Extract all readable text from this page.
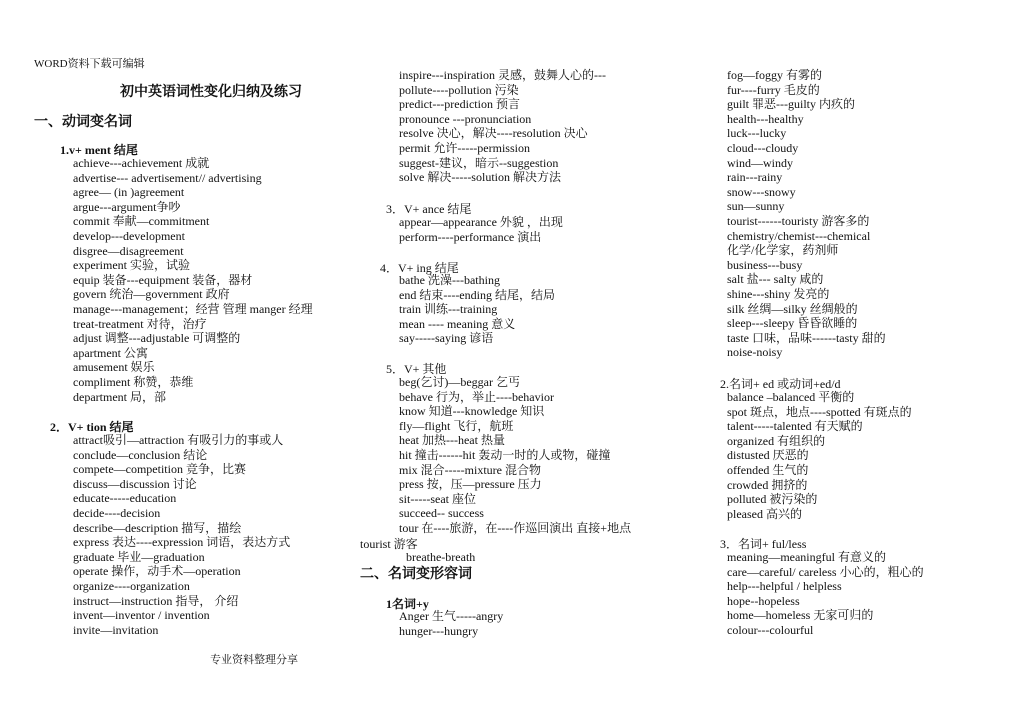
WORD资料下载可编辑
初中英语词性变化归纳及练习
专业资料整理分享
一、动词变名词
1.v+ ment 结尾
achieve---achievement 成就
advertise--- advertisement// advertising
agree— (in )agreement
argue---argument争吵
commit 奉献—commitment
develop---development
disgree—disagreement
experiment 实验，试验
equip 装备---equipment 装备，器材
govern 统治—government 政府
manage---management；经营 管理 manger 经理
treat-treatment 对待，治疗
adjust 调整---adjustable 可调整的
apartment 公寓
amusement 娱乐
compliment 称赞，恭维
department 局，部
2．V+ tion 结尾
attract吸引—attraction 有吸引力的事或人
conclude—conclusion 结论
compete—competition 竞争，比赛
discuss—discussion 讨论
educate-----education
decide----decision
describe—description 描写，描绘
express 表达----expression 词语，表达方式
graduate 毕业—graduation
operate 操作，动手术—operation
organize----organization
instruct—instruction 指导， 介绍
invent—inventor / invention
invite—invitation
inspire---inspiration 灵感，鼓舞人心的---
pollute----pollution 污染
predict---prediction 预言
pronounce ---pronunciation
resolve 决心，解决----resolution 决心
permit 允许-----permission
suggest-建议，暗示--suggestion
solve 解决-----solution 解决方法
3．V+ ance 结尾
appear—appearance 外貌 ，出现
perform----performance 演出
4．V+ ing 结尾
bathe 洗澡---bathing
end 结束----ending 结尾，结局
train 训练---training
mean ---- meaning 意义
say-----saying 谚语
5．V+ 其他
beg(乞讨)—beggar 乞丐
behave 行为，举止----behavior
know 知道---knowledge 知识
fly—flight 飞行，航班
heat 加热---heat 热量
hit 撞击------hit 轰动一时的人或物，碰撞
mix 混合-----mixture 混合物
press 按，压—pressure 压力
sit-----seat 座位
succeed-- success
tour 在----旅游，在----作巡回演出 直接+地点
tourist 游客
breathe-breath
二、名词变形容词
1名词+y
Anger 生气-----angry
hunger---hungry
fog—foggy 有雾的
fur----furry 毛皮的
guilt 罪恶---guilty 内疚的
health---healthy
luck---lucky
cloud---cloudy
wind—windy
rain---rainy
snow---snowy
sun—sunny
tourist------touristy 游客多的
chemistry/chemist---chemical
化学/化学家，药剂师
business---busy
salt 盐--- salty 咸的
shine---shiny 发亮的
silk 丝绸—silky 丝绸般的
sleep---sleepy 昏昏欲睡的
taste 口味，品味------tasty 甜的
noise-noisy
2.名词+ ed 或动词+ed/d
balance –balanced 平衡的
spot 斑点，地点----spotted 有斑点的
talent-----talented 有天赋的
organized 有组织的
distusted 厌恶的
offended 生气的
crowded 拥挤的
polluted 被污染的
pleased 高兴的
3．名词+ ful/less
meaning—meaningful 有意义的
care—careful/ careless 小心的，粗心的
help---helpful / helpless
hope--hopeless
home—homeless 无家可归的
colour---colourful
